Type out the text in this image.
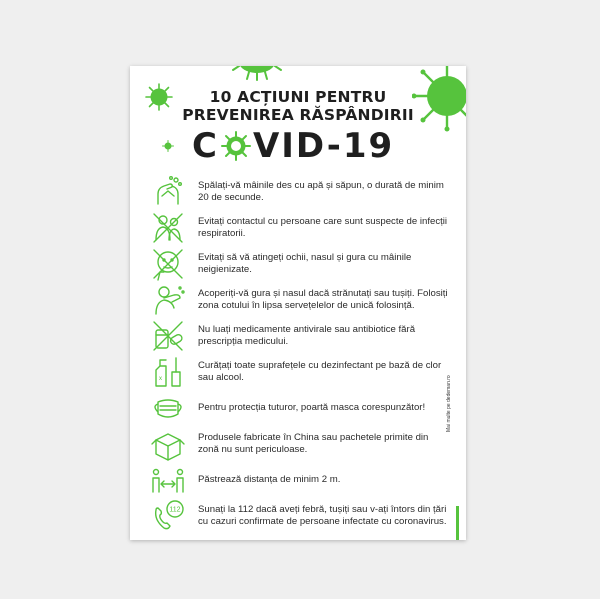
10 ACȚIUNI PENTRU
PREVENIREA RĂSPÂNDIRII
C VID-19
Spălați-vă mâinile des cu apă și săpun, o durată de minim 20 de secunde.
Evitați contactul cu persoane care sunt suspecte de infecții respiratorii.
Evitați să vă atingeți ochii, nasul și gura cu mâinile neigienizate.
Acoperiți-vă gura și nasul dacă strănutați sau tușiți. Folosiți zona cotului în lipsa servețelelor de unică folosință.
Nu luați medicamente antivirale sau antibiotice fără prescripția medicului.
x
Curățați toate suprafețele cu dezinfectant pe bază de clor sau alcool.
Pentru protecția tuturor, poartă masca corespunzător!
Produsele fabricate în China sau pachetele primite din zonă nu sunt periculoase.
Păstrează distanța de minim 2 m.
112 Sunați la 112 dacă aveți febră, tușiți sau v-ați întors din țări cu cazuri confirmate de persoane infectate cu coronavirus.
Mai multe pe dedeman.ro
